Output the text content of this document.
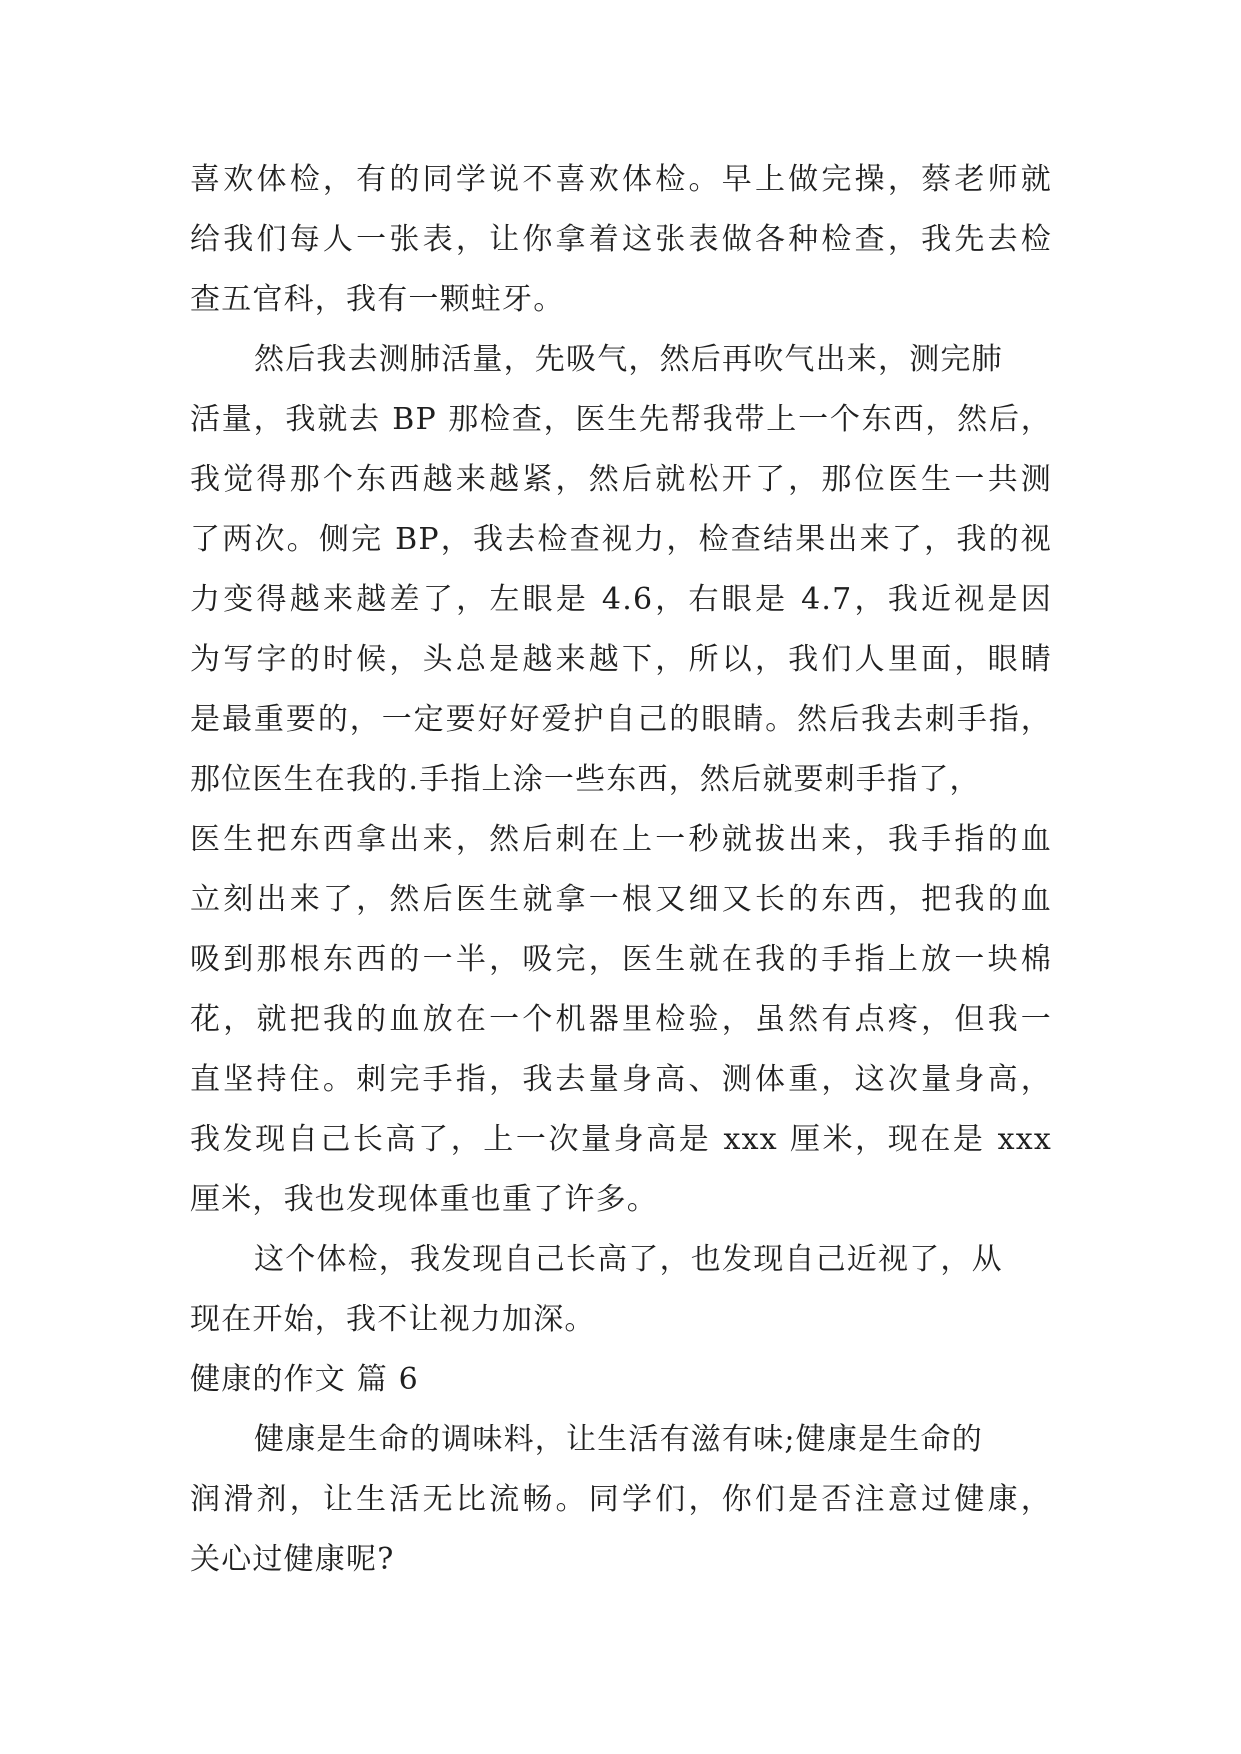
喜欢体检，有的同学说不喜欢体检。早上做完操，蔡老师就
给我们每人一张表，让你拿着这张表做各种检查，我先去检
查五官科，我有一颗蛀牙。
然后我去测肺活量，先吸气，然后再吹气出来，测完肺
活量，我就去 BP 那检查，医生先帮我带上一个东西，然后，
我觉得那个东西越来越紧，然后就松开了，那位医生一共测
了两次。侧完 BP，我去检查视力，检查结果出来了，我的视
力变得越来越差了，左眼是 4.6，右眼是 4.7，我近视是因
为写字的时候，头总是越来越下，所以，我们人里面，眼睛
是最重要的，一定要好好爱护自己的眼睛。然后我去刺手指，
那位医生在我的.手指上涂一些东西，然后就要刺手指了，
医生把东西拿出来，然后刺在上一秒就拔出来，我手指的血
立刻出来了，然后医生就拿一根又细又长的东西，把我的血
吸到那根东西的一半，吸完，医生就在我的手指上放一块棉
花，就把我的血放在一个机器里检验，虽然有点疼，但我一
直坚持住。刺完手指，我去量身高、测体重，这次量身高，
我发现自己长高了，上一次量身高是 xxx 厘米，现在是 xxx
厘米，我也发现体重也重了许多。
这个体检，我发现自己长高了，也发现自己近视了，从
现在开始，我不让视力加深。
健康的作文 篇 6
健康是生命的调味料，让生活有滋有味;健康是生命的
润滑剂，让生活无比流畅。同学们，你们是否注意过健康，
关心过健康呢?
